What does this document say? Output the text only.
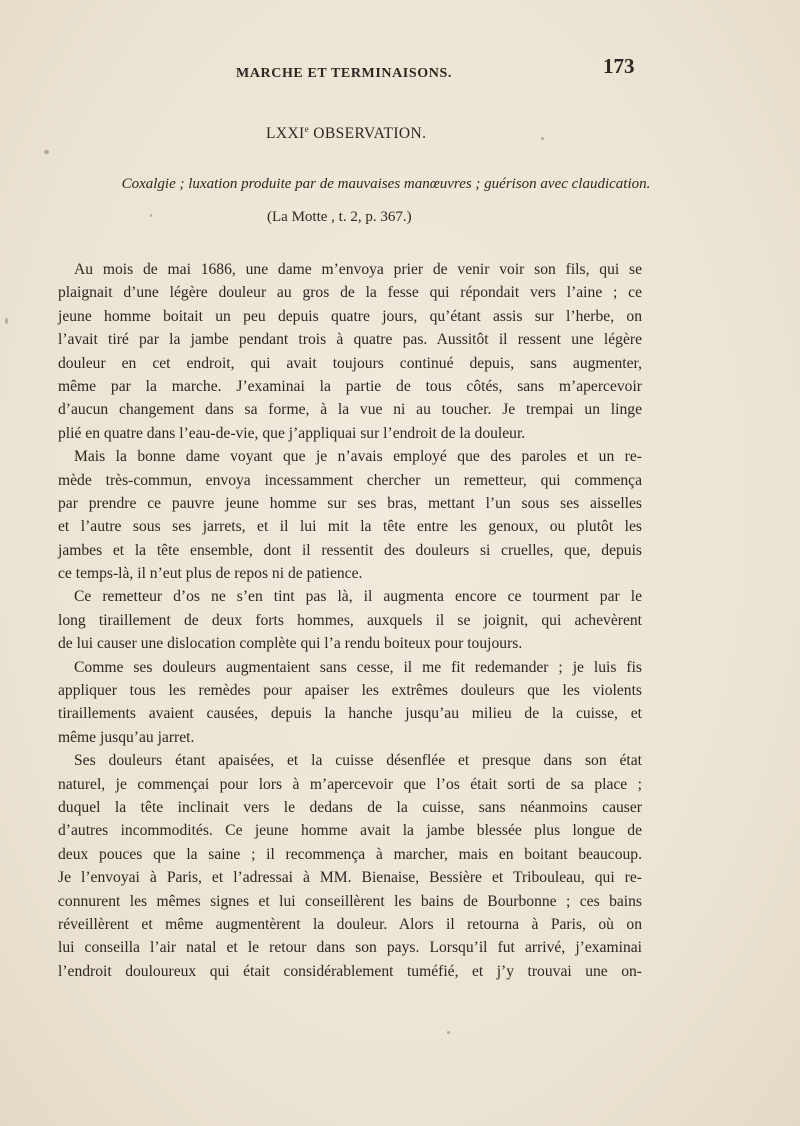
MARCHE ET TERMINAISONS.	173
LXXIe OBSERVATION.
Coxalgie ; luxation produite par de mauvaises manœuvres ; guérison avec claudication.
(La Motte , t. 2, p. 367.)
Au mois de mai 1686, une dame m’envoya prier de venir voir son fils, qui se
plaignait d’une légère douleur au gros de la fesse qui répondait vers l’aine ; ce
jeune homme boitait un peu depuis quatre jours, qu’étant assis sur l’herbe, on
l’avait tiré par la jambe pendant trois à quatre pas. Aussitôt il ressent une légère
douleur en cet endroit, qui avait toujours continué depuis, sans augmenter,
même par la marche. J’examinai la partie de tous côtés, sans m’apercevoir
d’aucun changement dans sa forme, à la vue ni au toucher. Je trempai un linge
plié en quatre dans l’eau-de-vie, que j’appliquai sur l’endroit de la douleur.
Mais la bonne dame voyant que je n’avais employé que des paroles et un re-
mède très-commun, envoya incessamment chercher un remetteur, qui commença
par prendre ce pauvre jeune homme sur ses bras, mettant l’un sous ses aisselles
et l’autre sous ses jarrets, et il lui mit la tête entre les genoux, ou plutôt les
jambes et la tête ensemble, dont il ressentit des douleurs si cruelles, que, depuis
ce temps-là, il n’eut plus de repos ni de patience.
Ce remetteur d’os ne s’en tint pas là, il augmenta encore ce tourment par le
long tiraillement de deux forts hommes, auxquels il se joignit, qui achevèrent
de lui causer une dislocation complète qui l’a rendu boiteux pour toujours.
Comme ses douleurs augmentaient sans cesse, il me fit redemander ; je luis fis
appliquer tous les remèdes pour apaiser les extrêmes douleurs que les violents
tiraillements avaient causées, depuis la hanche jusqu’au milieu de la cuisse, et
même jusqu’au jarret.
Ses douleurs étant apaisées, et la cuisse désenflée et presque dans son état
naturel, je commençai pour lors à m’apercevoir que l’os était sorti de sa place ;
duquel la tête inclinait vers le dedans de la cuisse, sans néanmoins causer
d’autres incommodités. Ce jeune homme avait la jambe blessée plus longue de
deux pouces que la saine ; il recommença à marcher, mais en boitant beaucoup.
Je l’envoyai à Paris, et l’adressai à MM. Bienaise, Bessière et Tribouleau, qui re-
connurent les mêmes signes et lui conseillèrent les bains de Bourbonne ; ces bains
réveillèrent et même augmentèrent la douleur. Alors il retourna à Paris, où on
lui conseilla l’air natal et le retour dans son pays. Lorsqu’il fut arrivé, j’examinai
l’endroit douloureux qui était considérablement tuméfié, et j’y trouvai une on-
